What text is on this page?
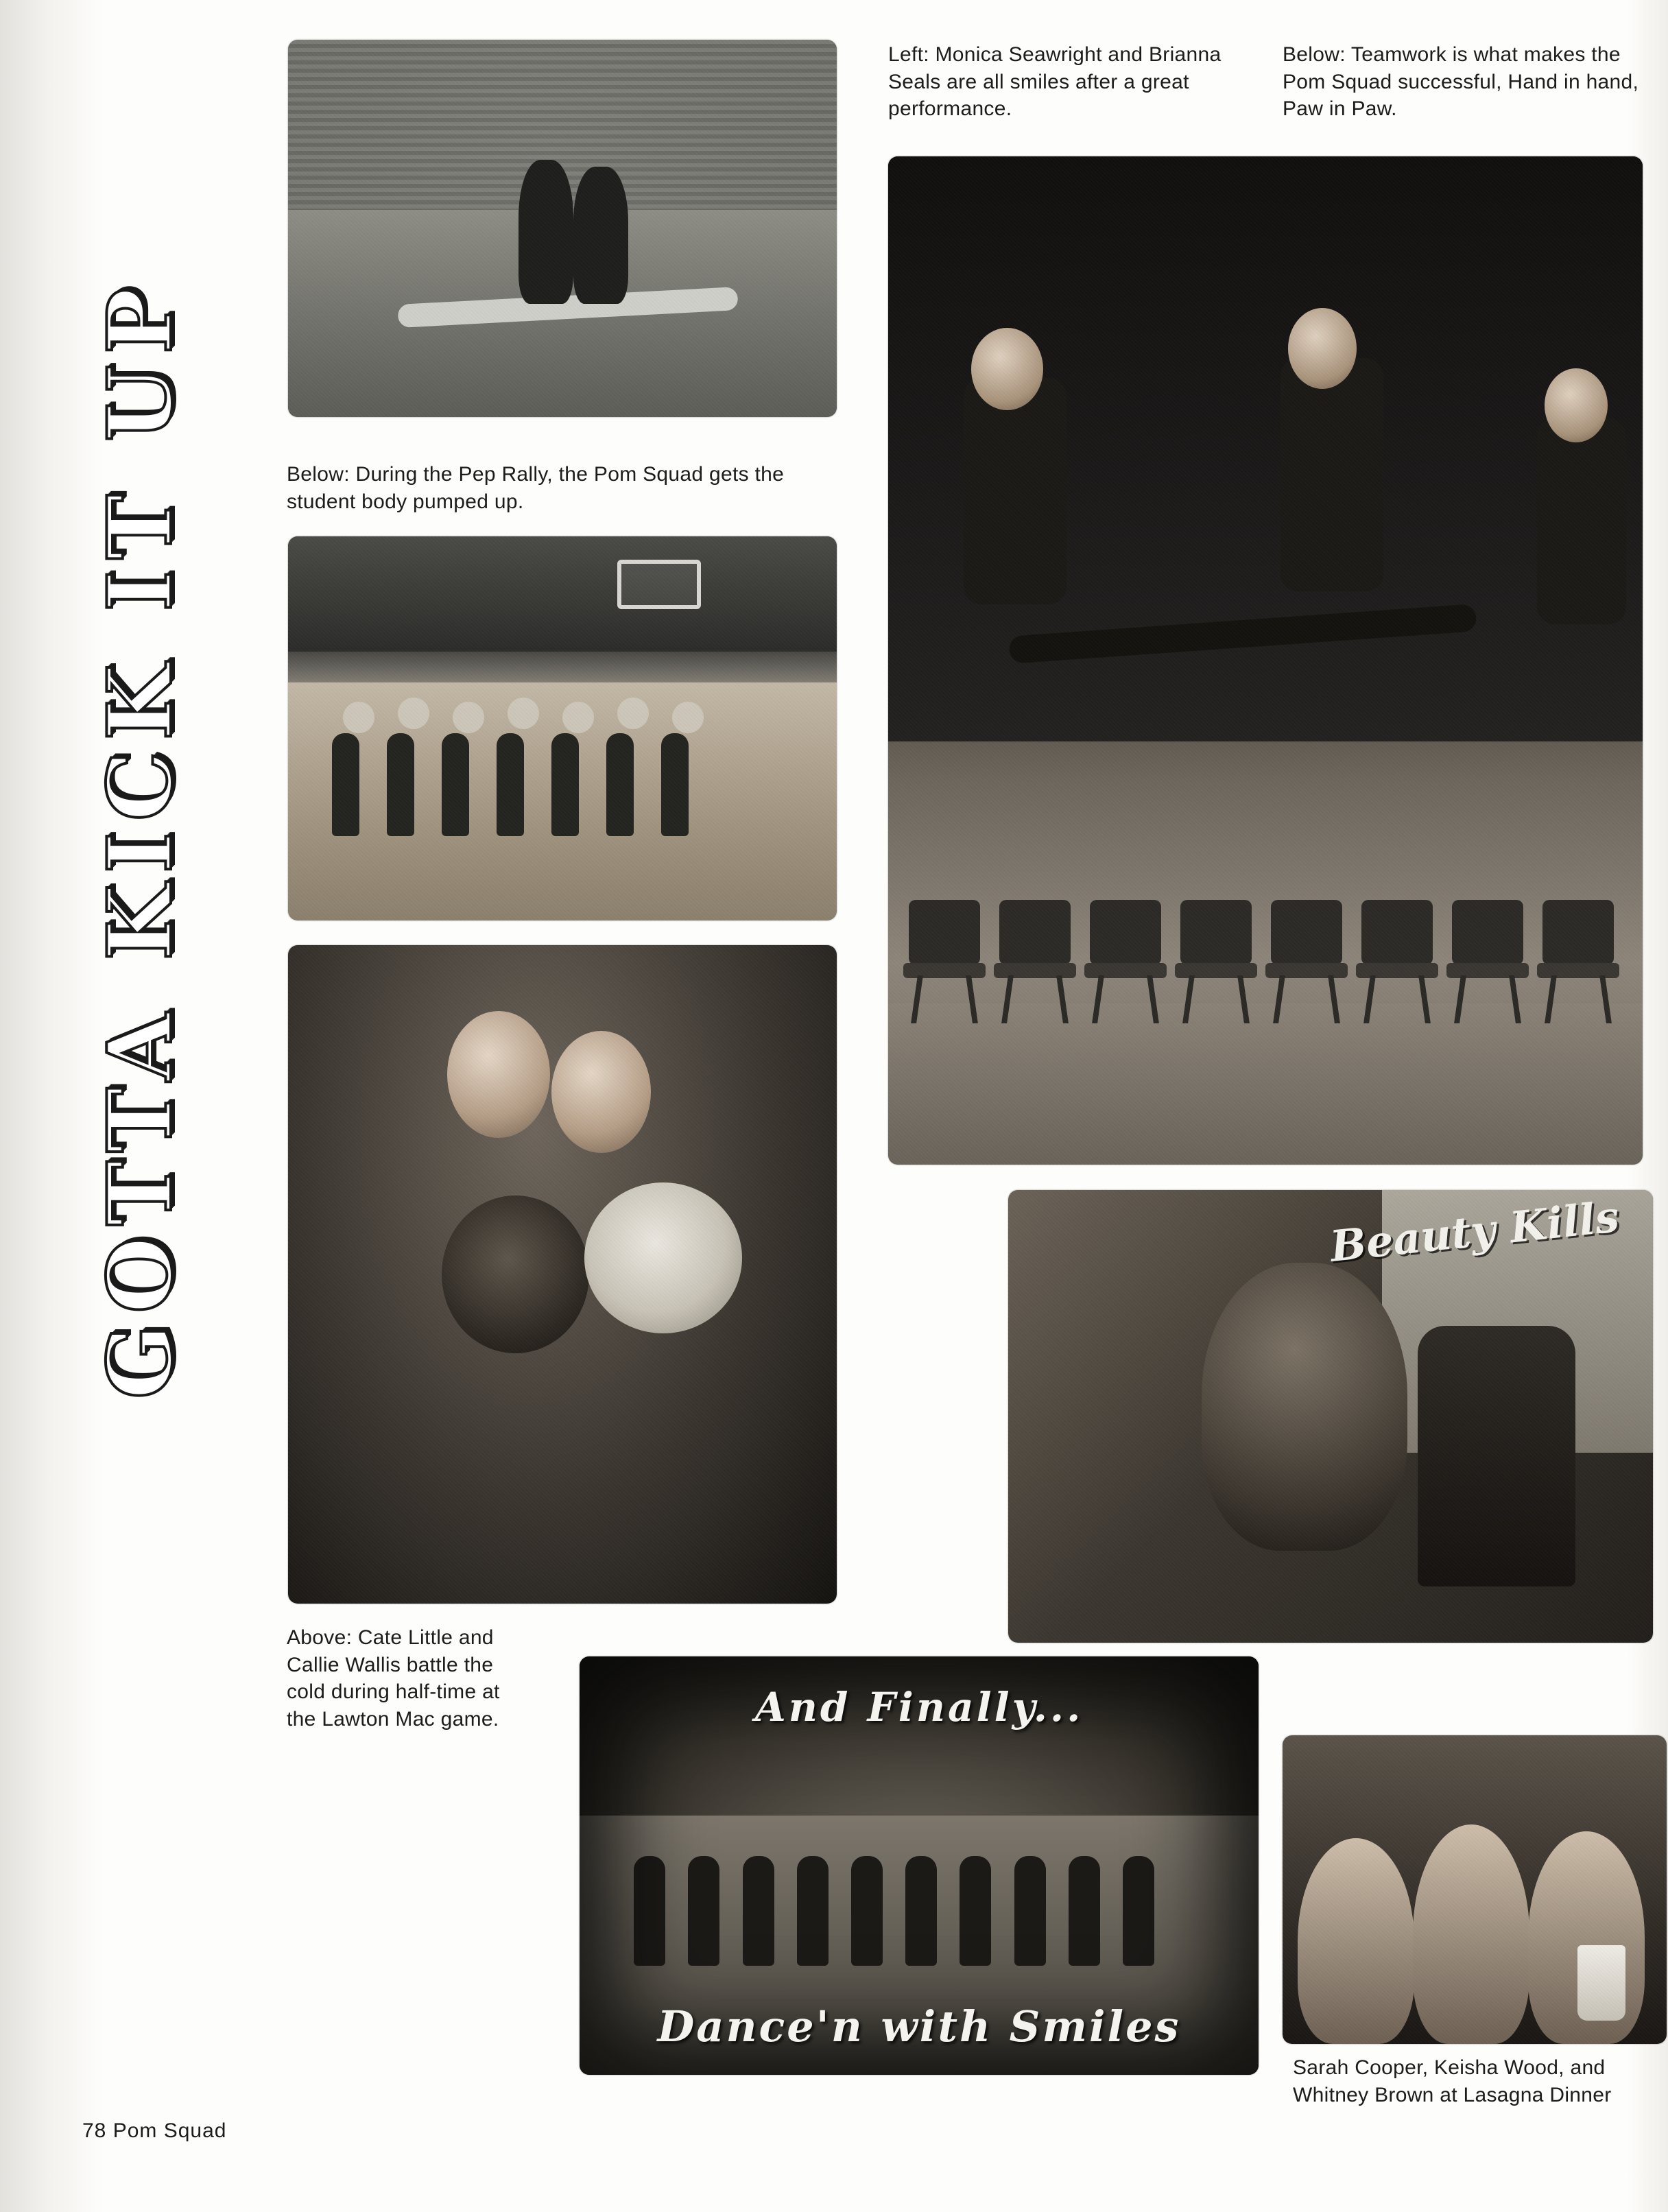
GOTTA KICK IT UP
Left: Monica Seawright and Brianna Seals are all smiles after a great performance.
Below: Teamwork is what makes the Pom Squad successful, Hand in hand, Paw in Paw.
Below: During the Pep Rally, the Pom Squad gets the student body pumped up.
Above: Cate Little and Callie Wallis battle the cold during half-time at the Lawton Mac game.
Beauty Kills
And Finally...
Dance'n with Smiles
Sarah Cooper, Keisha Wood, and Whitney Brown at Lasagna Dinner
78 Pom Squad
